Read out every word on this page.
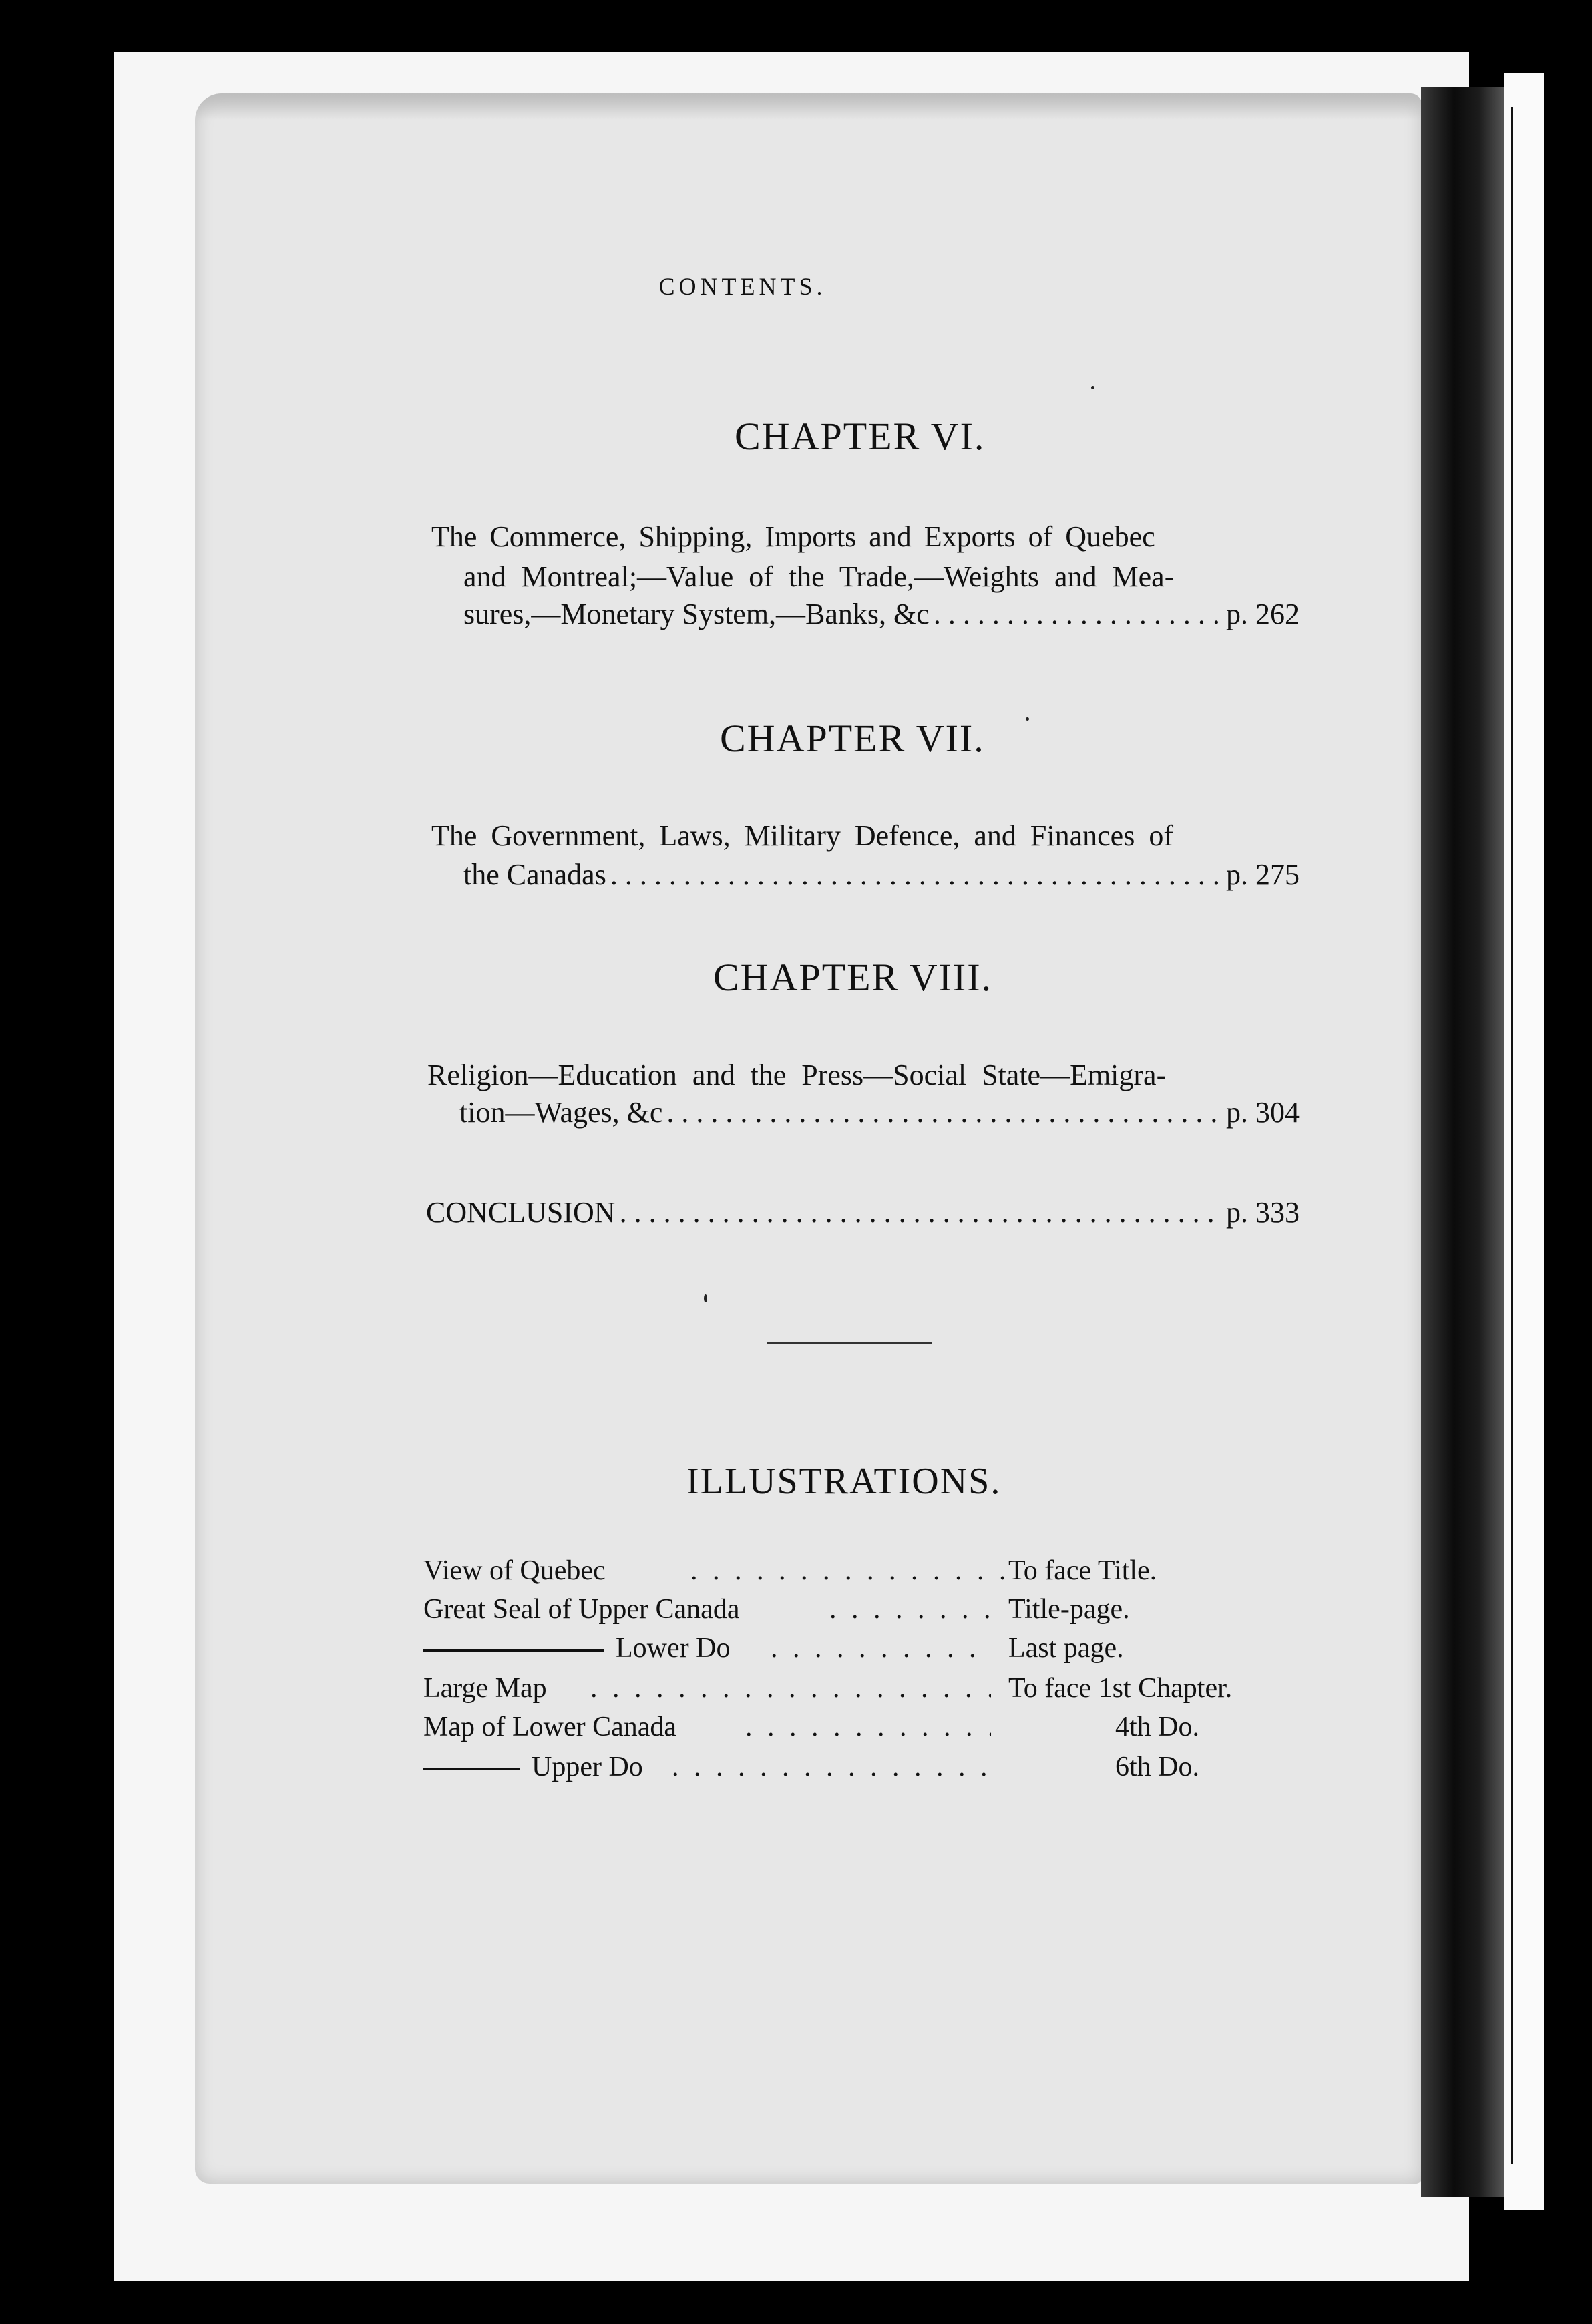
CONTENTS.
CHAPTER VI.
The Commerce, Shipping, Imports and Exports of Quebec
and Montreal;—Value of the Trade,—Weights and Mea-
sures,—Monetary System,—Banks, &c . . .	p. 262
CHAPTER VII.
The Government, Laws, Military Defence, and Finances of
the Canadas . . .	p. 275
CHAPTER VIII.
Religion—Education and the Press—Social State—Emigra-
tion—Wages, &c . . .	p. 304
CONCLUSION . . .	p. 333
ILLUSTRATIONS.
View of Quebec . . .	To face Title.
Great Seal of Upper Canada . . .	Title-page.
Lower Do . . .	Last page.
Large Map . . .	To face 1st Chapter.
Map of Lower Canada . . .	4th Do.
Upper Do . . .	6th Do.
